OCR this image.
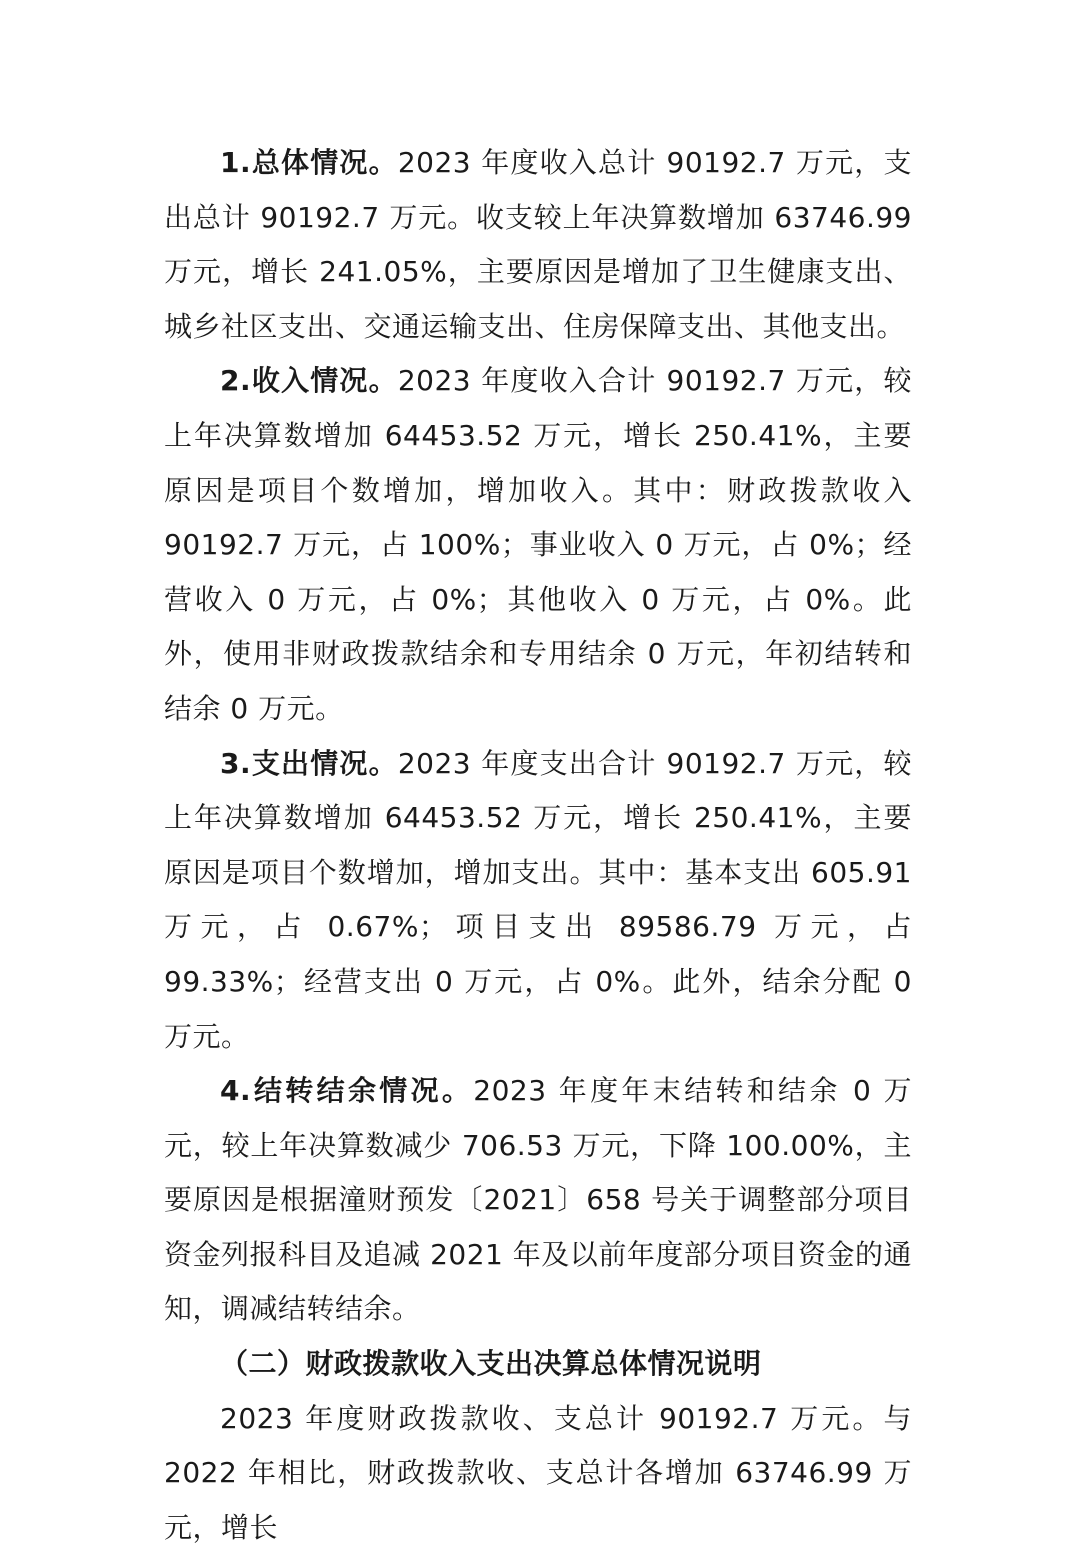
1.总体情况。2023 年度收入总计 90192.7 万元，支出总计 90192.7 万元。收支较上年决算数增加 63746.99 万元，增长 241.05%，主要原因是增加了卫生健康支出、城乡社区支出、交通运输支出、住房保障支出、其他支出。

2.收入情况。2023 年度收入合计 90192.7 万元，较上年决算数增加 64453.52 万元，增长 250.41%，主要原因是项目个数增加，增加收入。其中：财政拨款收入 90192.7 万元，占 100%；事业收入 0 万元，占 0%；经营收入 0 万元，占 0%；其他收入 0 万元，占 0%。此外，使用非财政拨款结余和专用结余 0 万元，年初结转和结余 0 万元。

3.支出情况。2023 年度支出合计 90192.7 万元，较上年决算数增加 64453.52 万元，增长 250.41%，主要原因是项目个数增加，增加支出。其中：基本支出 605.91 万元，占 0.67%；项目支出 89586.79 万元，占 99.33%；经营支出 0 万元，占 0%。此外，结余分配 0 万元。

4.结转结余情况。2023 年度年末结转和结余 0 万元，较上年决算数减少 706.53 万元，下降 100.00%，主要原因是根据潼财预发〔2021〕658 号关于调整部分项目资金列报科目及追减 2021 年及以前年度部分项目资金的通知，调减结转结余。

（二）财政拨款收入支出决算总体情况说明

2023 年度财政拨款收、支总计 90192.7 万元。与 2022 年相比，财政拨款收、支总计各增加 63746.99 万元，增长
